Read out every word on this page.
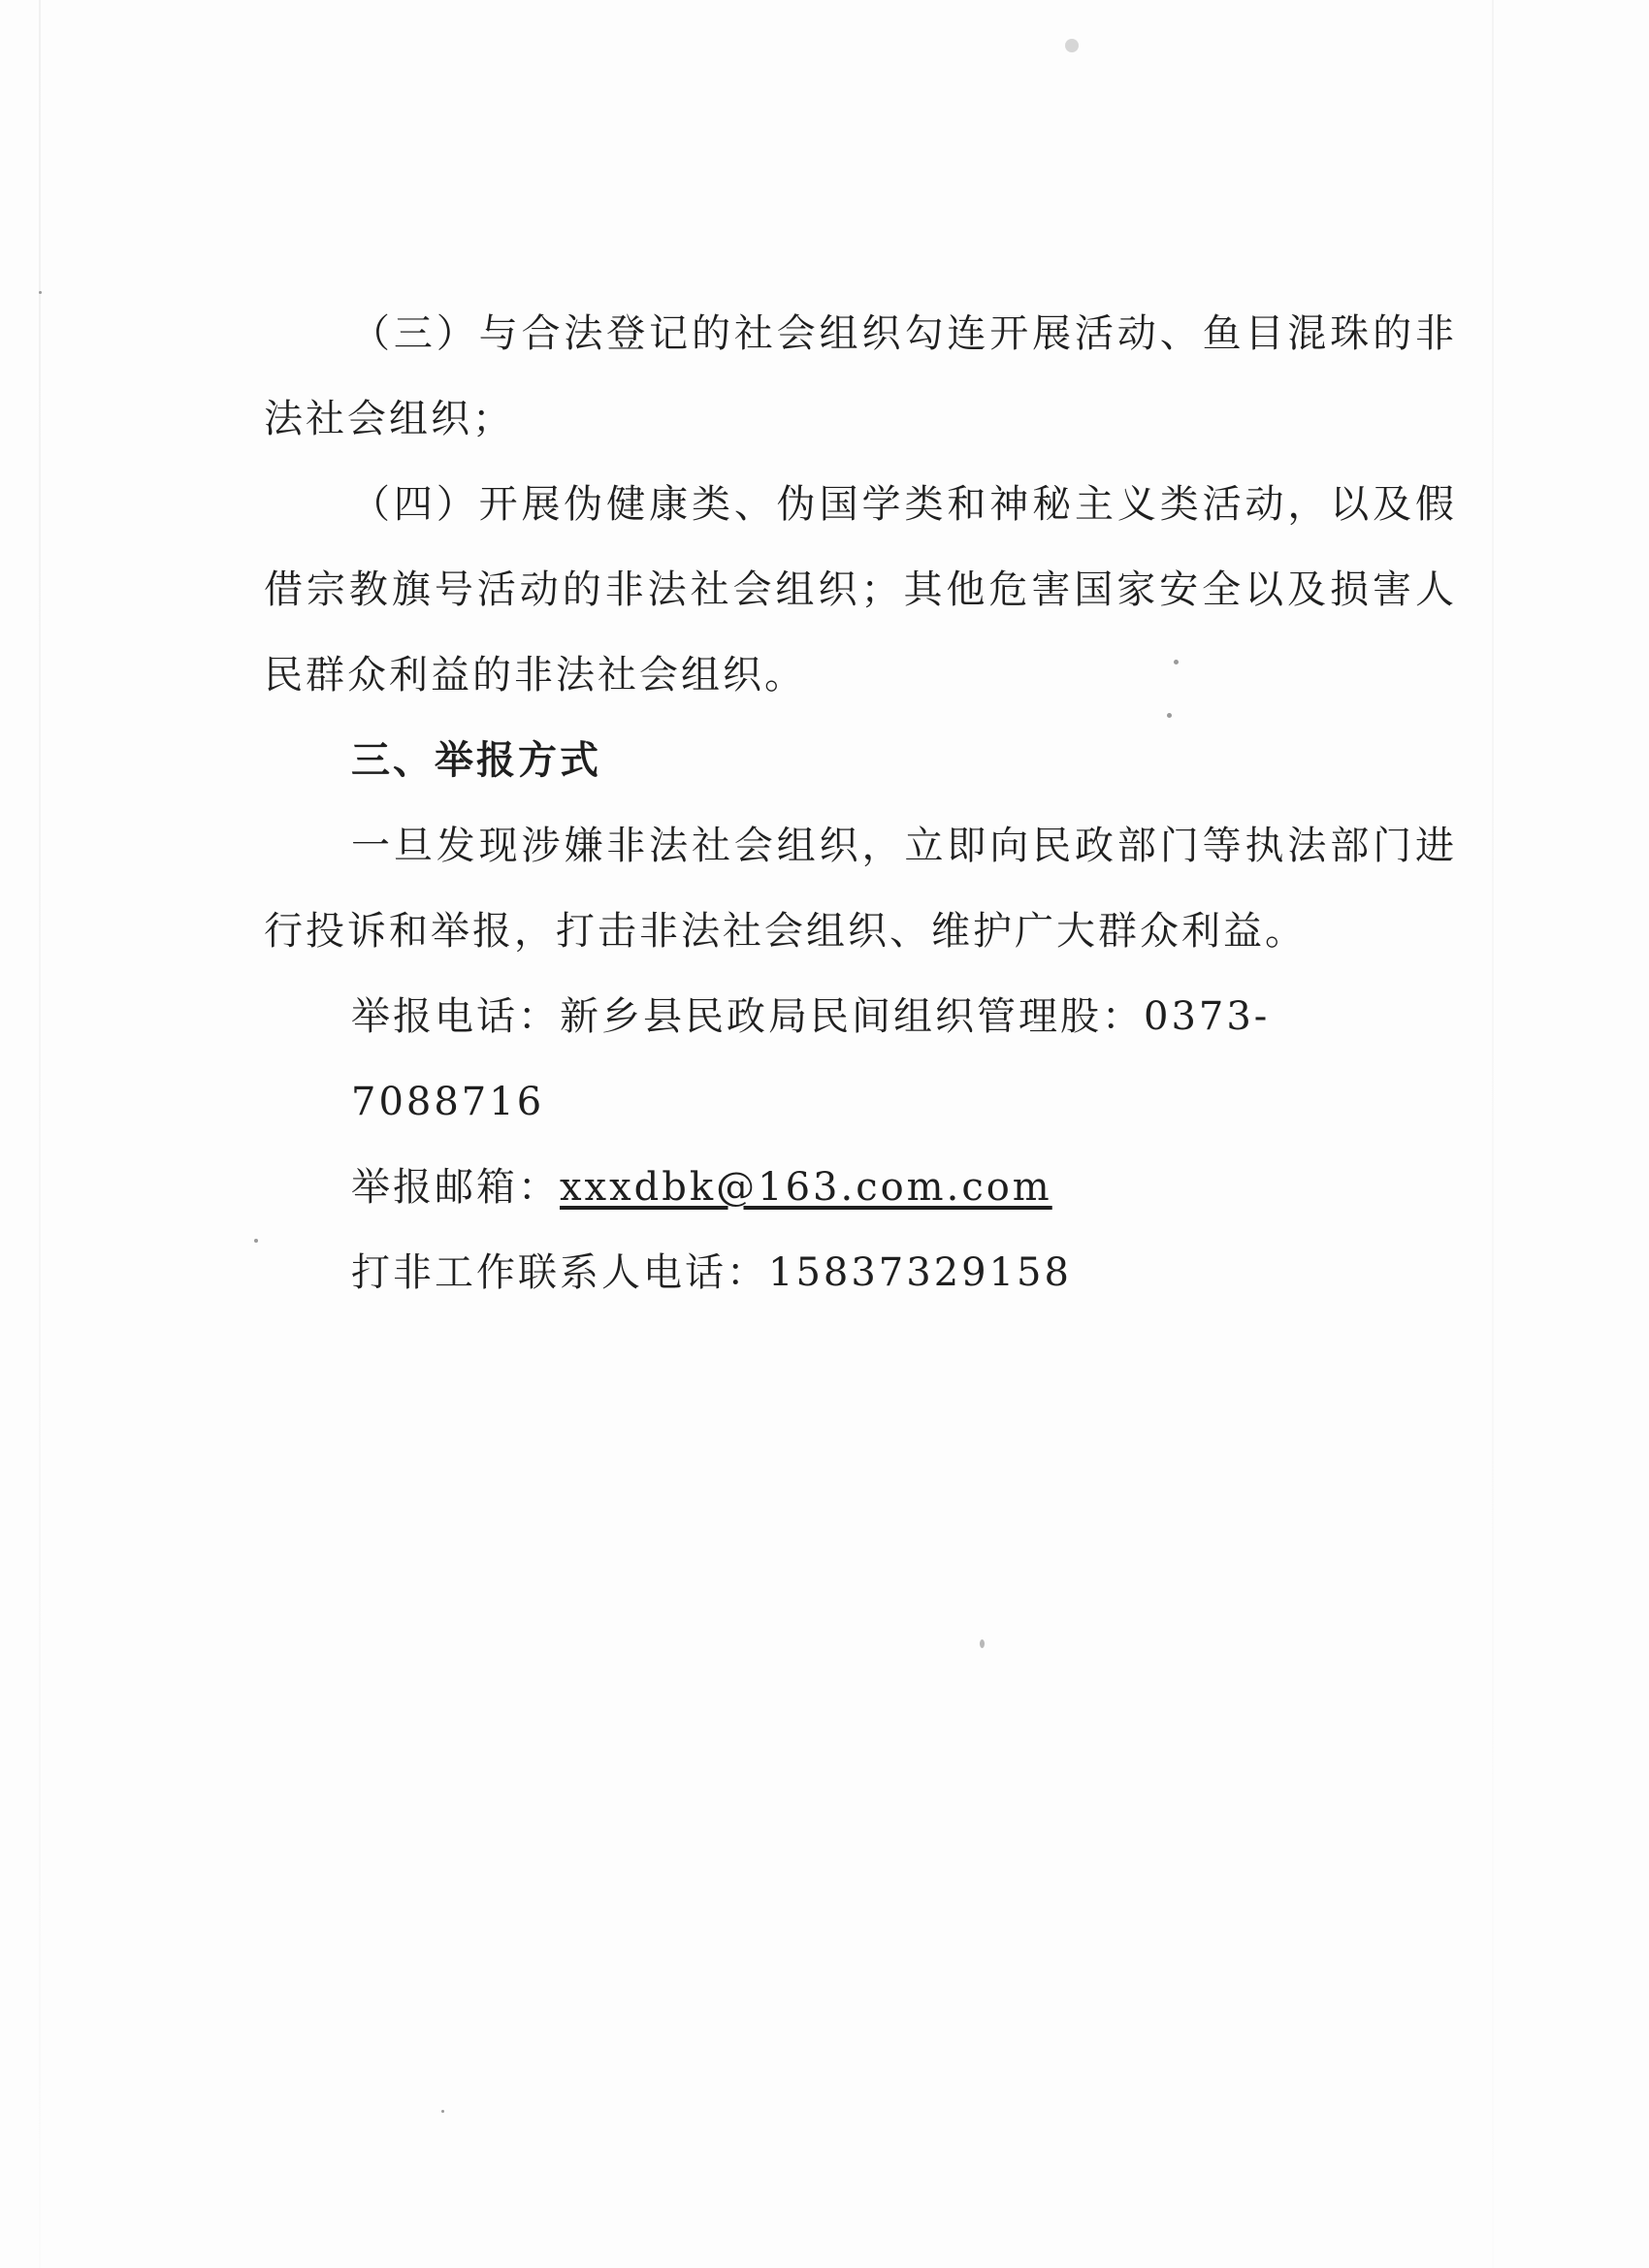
（三）与合法登记的社会组织勾连开展活动、鱼目混珠的非法社会组织；

（四）开展伪健康类、伪国学类和神秘主义类活动，以及假借宗教旗号活动的非法社会组织；其他危害国家安全以及损害人民群众利益的非法社会组织。

三、举报方式

一旦发现涉嫌非法社会组织，立即向民政部门等执法部门进行投诉和举报，打击非法社会组织、维护广大群众利益。

举报电话：新乡县民政局民间组织管理股：0373-7088716

举报邮箱：xxxdbk@163.com.com

打非工作联系人电话：15837329158
